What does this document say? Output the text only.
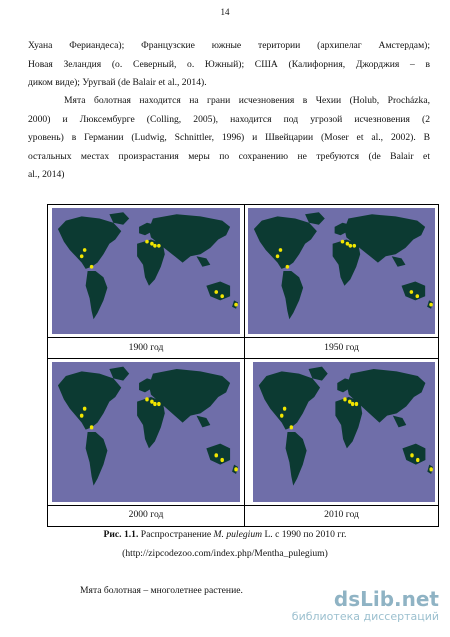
14

Хуана Фериандеса); Французские южные територии (архипелаг Амстердам);
Новая Зеландия (о. Северный, о. Южный); США (Калифорния, Джорджия – в
диком виде); Уругвай (de Balair et al., 2014).

Мята болотная находится на грани исчезновения в Чехии (Holub, Procházka,
2000) и Люксембурге (Colling, 2005), находится под угрозой исчезновения (2
уровень) в Германии (Ludwig, Schnittler, 1996) и Швейцарии (Moser et al., 2002). В
остальных местах произрастания меры по сохранению не требуются (de Balair et
al., 2014)

1900 год	1950 год
2000 год	2010 год
Рис. 1.1. Распространение M. pulegium L. с 1990 по 2010 гг.
(http://zipcodezoo.com/index.php/Mentha_pulegium)
Мята болотная – многолетнее растение.	dsLib.net
библиотека диссертаций
